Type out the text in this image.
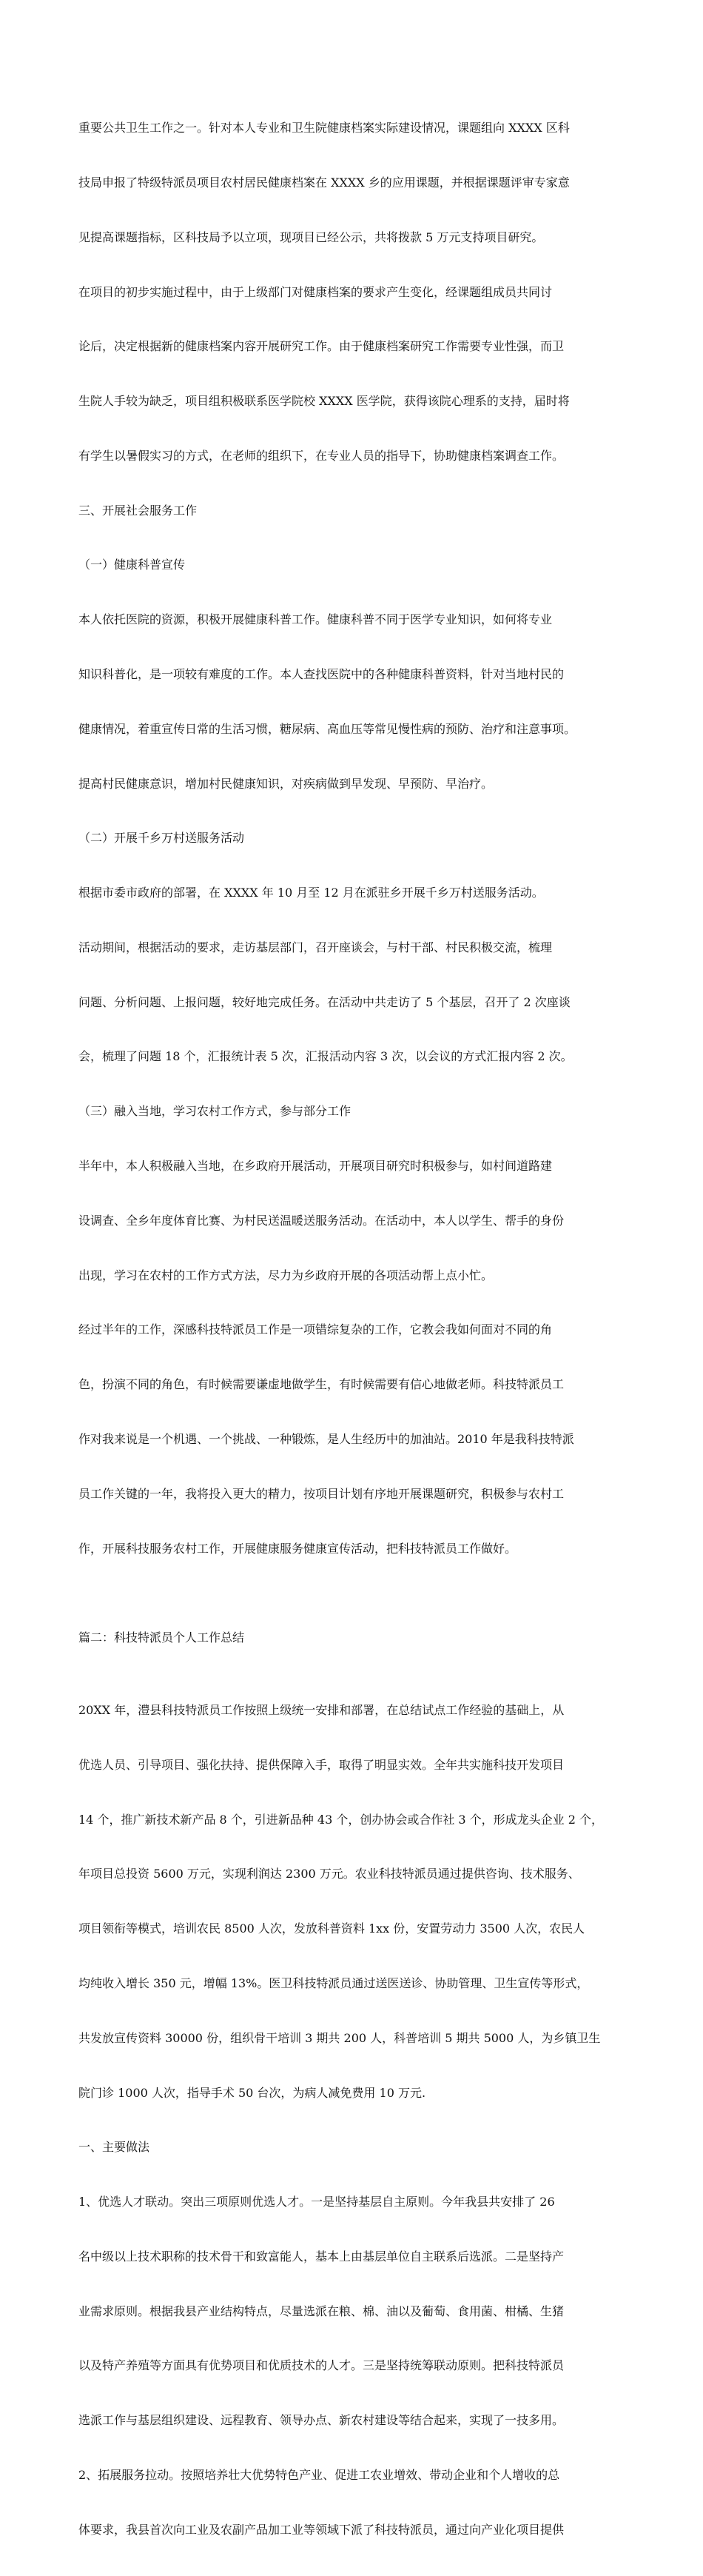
重要公共卫生工作之一。针对本人专业和卫生院健康档案实际建设情况，课题组向 XXXX 区科

技局申报了特级特派员项目农村居民健康档案在 XXXX 乡的应用课题，并根据课题评审专家意

见提高课题指标，区科技局予以立项，现项目已经公示，共将拨款 5 万元支持项目研究。

在项目的初步实施过程中，由于上级部门对健康档案的要求产生变化，经课题组成员共同讨

论后，决定根据新的健康档案内容开展研究工作。由于健康档案研究工作需要专业性强，而卫

生院人手较为缺乏，项目组积极联系医学院校 XXXX 医学院，获得该院心理系的支持，届时将

有学生以暑假实习的方式，在老师的组织下，在专业人员的指导下，协助健康档案调查工作。

三、开展社会服务工作

（一）健康科普宣传

本人依托医院的资源，积极开展健康科普工作。健康科普不同于医学专业知识，如何将专业

知识科普化，是一项较有难度的工作。本人查找医院中的各种健康科普资料，针对当地村民的

健康情况，着重宣传日常的生活习惯，糖尿病、高血压等常见慢性病的预防、治疗和注意事项。

提高村民健康意识，增加村民健康知识，对疾病做到早发现、早预防、早治疗。

（二）开展千乡万村送服务活动

根据市委市政府的部署，在 XXXX 年 10 月至 12 月在派驻乡开展千乡万村送服务活动。

活动期间，根据活动的要求，走访基层部门，召开座谈会，与村干部、村民积极交流，梳理

问题、分析问题、上报问题，较好地完成任务。在活动中共走访了 5 个基层，召开了 2 次座谈

会，梳理了问题 18 个，汇报统计表 5 次，汇报活动内容 3 次，以会议的方式汇报内容 2 次。

（三）融入当地，学习农村工作方式，参与部分工作

半年中，本人积极融入当地，在乡政府开展活动，开展项目研究时积极参与，如村间道路建

设调查、全乡年度体育比赛、为村民送温暖送服务活动。在活动中，本人以学生、帮手的身份

出现，学习在农村的工作方式方法，尽力为乡政府开展的各项活动帮上点小忙。

经过半年的工作，深感科技特派员工作是一项错综复杂的工作，它教会我如何面对不同的角

色，扮演不同的角色，有时候需要谦虚地做学生，有时候需要有信心地做老师。科技特派员工

作对我来说是一个机遇、一个挑战、一种锻炼，是人生经历中的加油站。2010 年是我科技特派

员工作关键的一年，我将投入更大的精力，按项目计划有序地开展课题研究，积极参与农村工

作，开展科技服务农村工作，开展健康服务健康宣传活动，把科技特派员工作做好。

篇二：科技特派员个人工作总结

20XX 年，澧县科技特派员工作按照上级统一安排和部署，在总结试点工作经验的基础上，从

优选人员、引导项目、强化扶持、提供保障入手，取得了明显实效。全年共实施科技开发项目

14 个，推广新技术新产品 8 个，引进新品种 43 个，创办协会或合作社 3 个，形成龙头企业 2 个，

年项目总投资 5600 万元，实现利润达 2300 万元。农业科技特派员通过提供咨询、技术服务、

项目领衔等模式，培训农民 8500 人次，发放科普资料 1xx 份，安置劳动力 3500 人次，农民人

均纯收入增长 350 元，增幅 13%。医卫科技特派员通过送医送诊、协助管理、卫生宣传等形式，

共发放宣传资料 30000 份，组织骨干培训 3 期共 200 人，科普培训 5 期共 5000 人，为乡镇卫生

院门诊 1000 人次，指导手术 50 台次，为病人减免费用 10 万元.

一、主要做法

1、优选人才联动。突出三项原则优选人才。一是坚持基层自主原则。今年我县共安排了 26

名中级以上技术职称的技术骨干和致富能人，基本上由基层单位自主联系后选派。二是坚持产

业需求原则。根据我县产业结构特点，尽量选派在粮、棉、油以及葡萄、食用菌、柑橘、生猪

以及特产养殖等方面具有优势项目和优质技术的人才。三是坚持统筹联动原则。把科技特派员

选派工作与基层组织建设、远程教育、领导办点、新农村建设等结合起来，实现了一技多用。

2、拓展服务拉动。按照培养壮大优势特色产业、促进工农业增效、带动企业和个人增收的总

体要求，我县首次向工业及农副产品加工业等领域下派了科技特派员，通过向产业化项目提供
